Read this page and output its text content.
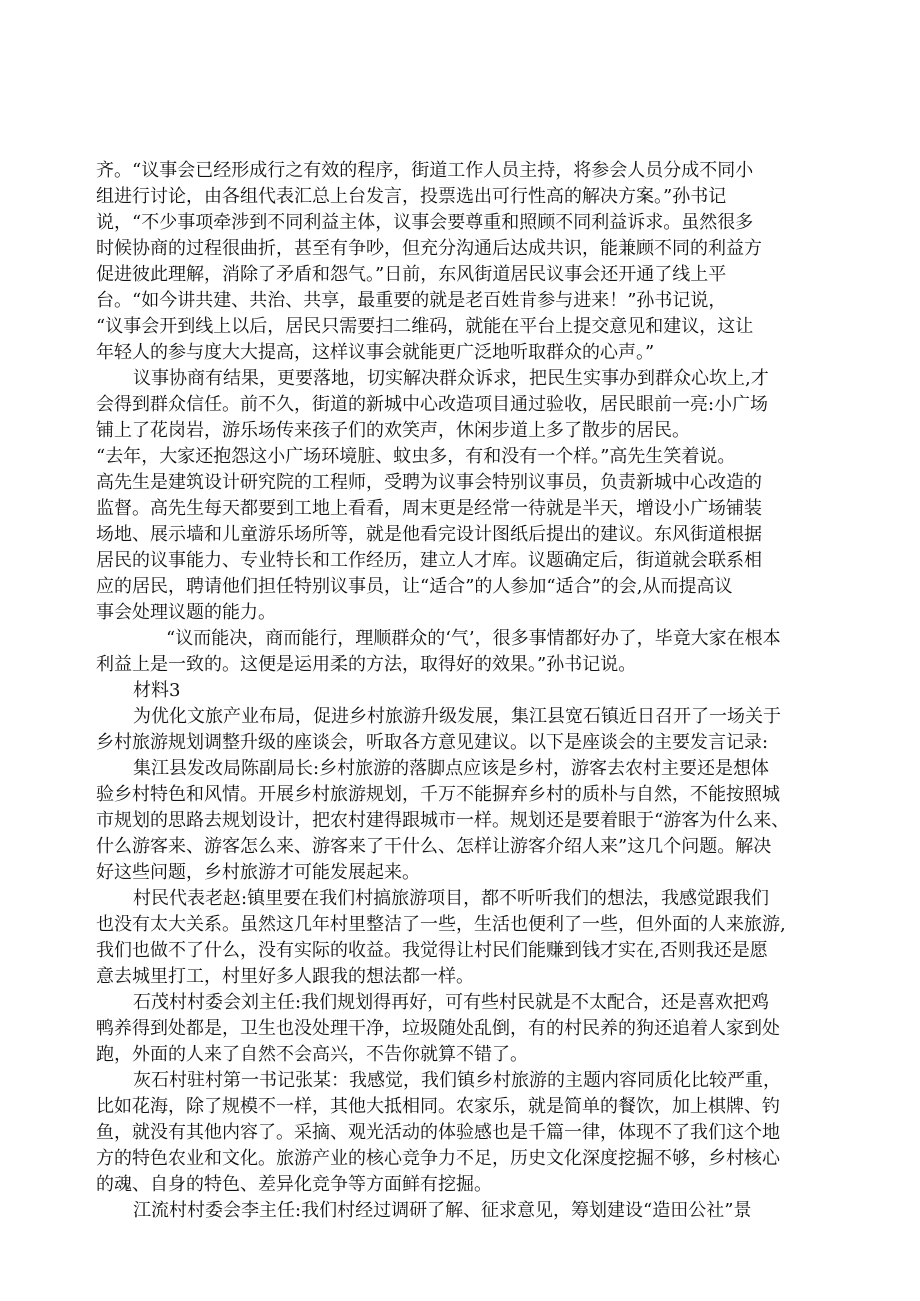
齐。“议事会已经形成行之有效的程序，街道工作人员主持，将参会人员分成不同小
组进行讨论，由各组代表汇总上台发言，投票选出可行性高的解决方案。”孙书记
说，“不少事项牵涉到不同利益主体，议事会要尊重和照顾不同利益诉求。虽然很多
时候协商的过程很曲折，甚至有争吵，但充分沟通后达成共识，能兼顾不同的利益方
促进彼此理解，消除了矛盾和怨气。”日前，东风街道居民议事会还开通了线上平
台。“如今讲共建、共治、共享，最重要的就是老百姓肯参与进来！”孙书记说，
“议事会开到线上以后，居民只需要扫二维码，就能在平台上提交意见和建议，这让
年轻人的参与度大大提高，这样议事会就能更广泛地听取群众的心声。”
议事协商有结果，更要落地，切实解决群众诉求，把民生实事办到群众心坎上,才
会得到群众信任。前不久，街道的新城中心改造项目通过验收，居民眼前一亮:小广场
铺上了花岗岩，游乐场传来孩子们的欢笑声，休闲步道上多了散步的居民。
“去年，大家还抱怨这小广场环境脏、蚊虫多，有和没有一个样。”高先生笑着说。
高先生是建筑设计研究院的工程师，受聘为议事会特别议事员，负责新城中心改造的
监督。高先生每天都要到工地上看看，周末更是经常一待就是半天，增设小广场铺装
场地、展示墙和儿童游乐场所等，就是他看完设计图纸后提出的建议。东风街道根据
居民的议事能力、专业特长和工作经历，建立人才库。议题确定后，街道就会联系相
应的居民，聘请他们担任特别议事员，让“适合”的人参加“适合”的会,从而提高议
事会处理议题的能力。
“议而能决，商而能行，理顺群众的‘气’，很多事情都好办了，毕竟大家在根本
利益上是一致的。这便是运用柔的方法，取得好的效果。”孙书记说。
材料3
为优化文旅产业布局，促进乡村旅游升级发展，集江县宽石镇近日召开了一场关于
乡村旅游规划调整升级的座谈会，听取各方意见建议。以下是座谈会的主要发言记录:
集江县发改局陈副局长:乡村旅游的落脚点应该是乡村，游客去农村主要还是想体
验乡村特色和风情。开展乡村旅游规划，千万不能摒弃乡村的质朴与自然，不能按照城
市规划的思路去规划设计，把农村建得跟城市一样。规划还是要着眼于“游客为什么来、
什么游客来、游客怎么来、游客来了干什么、怎样让游客介绍人来”这几个问题。解决
好这些问题，乡村旅游才可能发展起来。
村民代表老赵:镇里要在我们村搞旅游项目，都不听听我们的想法，我感觉跟我们
也没有太大关系。虽然这几年村里整洁了一些，生活也便利了一些，但外面的人来旅游,
我们也做不了什么，没有实际的收益。我觉得让村民们能赚到钱才实在,否则我还是愿
意去城里打工，村里好多人跟我的想法都一样。
石茂村村委会刘主任:我们规划得再好，可有些村民就是不太配合，还是喜欢把鸡
鸭养得到处都是，卫生也没处理干净，垃圾随处乱倒，有的村民养的狗还追着人家到处
跑，外面的人来了自然不会高兴，不告你就算不错了。
灰石村驻村第一书记张某：我感觉，我们镇乡村旅游的主题内容同质化比较严重，
比如花海，除了规模不一样，其他大抵相同。农家乐，就是简单的餐饮，加上棋牌、钓
鱼，就没有其他内容了。采摘、观光活动的体验感也是千篇一律，体现不了我们这个地
方的特色农业和文化。旅游产业的核心竞争力不足，历史文化深度挖掘不够，乡村核心
的魂、自身的特色、差异化竞争等方面鲜有挖掘。
江流村村委会李主任:我们村经过调研了解、征求意见，筹划建设“造田公社”景
